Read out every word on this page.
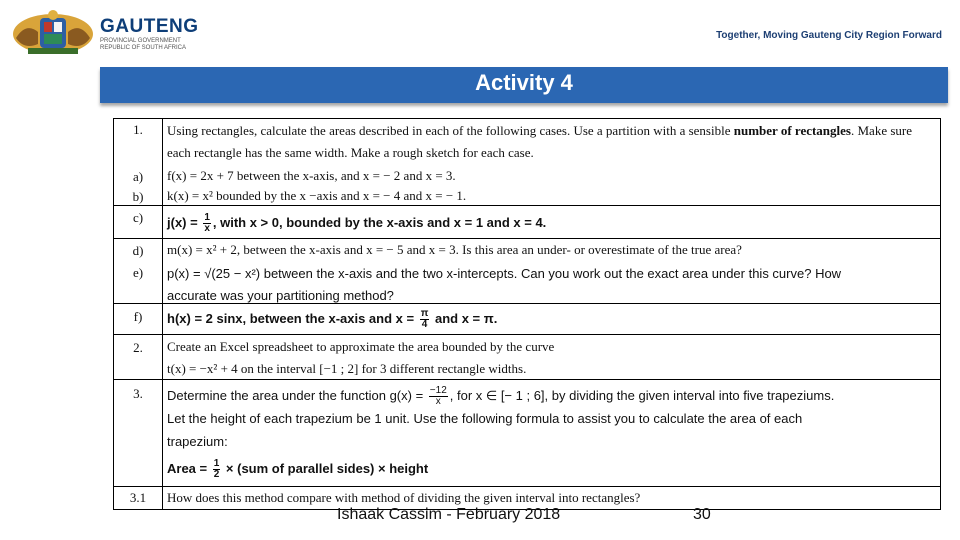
GAUTENG
PROVINCIAL GOVERNMENT
REPUBLIC OF SOUTH AFRICA
Together, Moving Gauteng City Region Forward
Activity 4
1.	Using rectangles, calculate the areas described in each of the following cases. Use a partition with a sensible number of rectangles. Make sure each rectangle has the same width. Make a rough sketch for each case.
a)	f(x) = 2x + 7 between the x-axis, and x = − 2 and x = 3.
b)	k(x) = x² bounded by the x −axis and x = − 4 and x = − 1.
c)	$j(x) = \frac{1}{x}$ , with x > 0, bounded by the x-axis and x = 1 and x = 4.
d)	m(x) = x² + 2, between the x-axis and x = − 5 and x = 3. Is this area an under- or overestimate of the true area?
e)	p(x) = √(25 − x²) between the x-axis and the two x-intercepts. Can you work out the exact area under this curve? How
accurate was your partitioning method?
f)	h(x) = 2 sinx, between the x-axis and $x = \frac{\pi}{4}$ and x = π.
2.	Create an Excel spreadsheet to approximate the area bounded by the curve
t(x) = −x² + 4 on the interval [−1 ; 2] for 3 different rectangle widths.
3.	Determine the area under the function $g(x) = \frac{-12}{x}$ , for x ∈ [− 1 ; 6], by dividing the given interval into five trapeziums.
Let the height of each trapezium be 1 unit. Use the following formula to assist you to calculate the area of each
trapezium:
Area = $\frac{1}{2} \times (sum$ of parallel sides) × height
3.1	How does this method compare with method of dividing the given interval into rectangles?
Ishaak Cassim - February 2018	30
